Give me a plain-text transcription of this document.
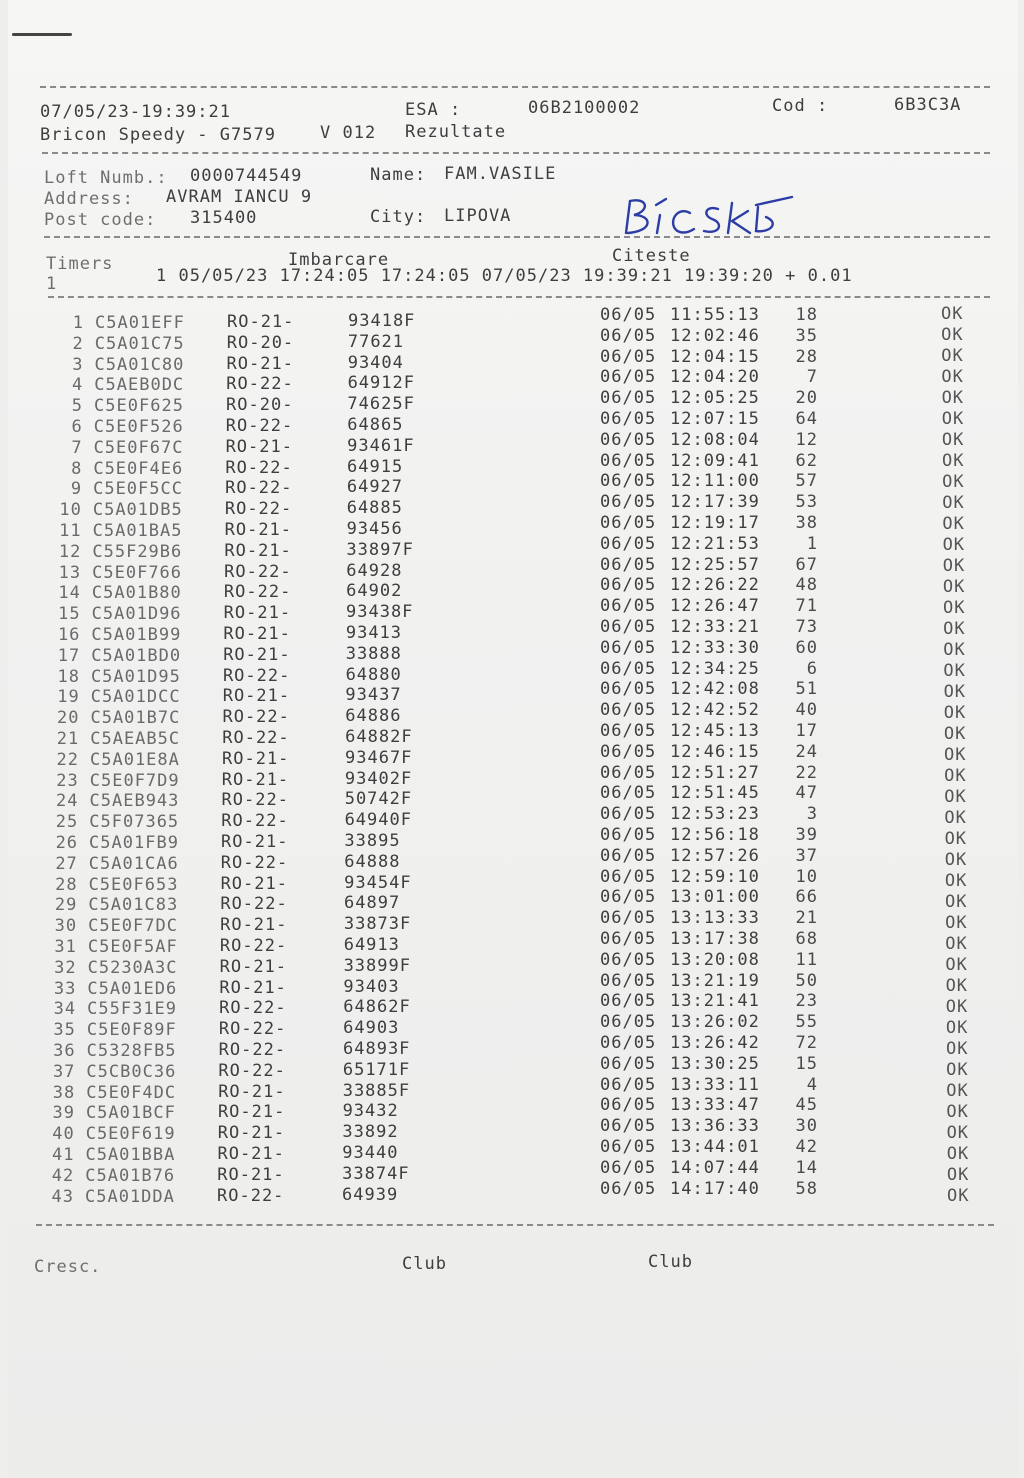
07/05/23-19:39:21	ESA :	06B2100002	Cod :	6B3C3A
Bricon Speedy - G7579	V 012 Rezultate
Loft Numb.: 0000744549	Name: FAM.VASILE
Address: AVRAM IANCU 9
Post code: 315400	City: LIPOVA
Timers	Imbarcare	Citeste
1	1 05/05/23 17:24:05 17:24:05 07/05/23 19:39:21 19:39:20 + 0.01
1 C5A01EFF RO-21-	93418F	06/05 11:55:13	18	OK
2 C5A01C75 RO-20-	77621	06/05 12:02:46	35	OK
3 C5A01C80 RO-21-	93404	06/05 12:04:15	28	OK
4 C5AEB0DC RO-22-	64912F	06/05 12:04:20	7	OK
5 C5E0F625 RO-20-	74625F	06/05 12:05:25	20	OK
6 C5E0F526 RO-22-	64865	06/05 12:07:15	64	OK
7 C5E0F67C RO-21-	93461F	06/05 12:08:04	12	OK
8 C5E0F4E6 RO-22-	64915	06/05 12:09:41	62	OK
9 C5E0F5CC RO-22-	64927	06/05 12:11:00	57	OK
10 C5A01DB5 RO-22-	64885	06/05 12:17:39	53	OK
11 C5A01BA5 RO-21-	93456	06/05 12:19:17	38	OK
12 C55F29B6 RO-21-	33897F	06/05 12:21:53	1	OK
13 C5E0F766 RO-22-	64928	06/05 12:25:57	67	OK
14 C5A01B80 RO-22-	64902	06/05 12:26:22	48	OK
15 C5A01D96 RO-21-	93438F	06/05 12:26:47	71	OK
16 C5A01B99 RO-21-	93413	06/05 12:33:21	73	OK
17 C5A01BD0 RO-21-	33888	06/05 12:33:30	60	OK
18 C5A01D95 RO-22-	64880	06/05 12:34:25	6	OK
19 C5A01DCC RO-21-	93437	06/05 12:42:08	51	OK
20 C5A01B7C RO-22-	64886	06/05 12:42:52	40	OK
21 C5AEAB5C RO-22-	64882F	06/05 12:45:13	17	OK
22 C5A01E8A RO-21-	93467F	06/05 12:46:15	24	OK
23 C5E0F7D9 RO-21-	93402F	06/05 12:51:27	22	OK
24 C5AEB943 RO-22-	50742F	06/05 12:51:45	47	OK
25 C5F07365 RO-22-	64940F	06/05 12:53:23	3	OK
26 C5A01FB9 RO-21-	33895	06/05 12:56:18	39	OK
27 C5A01CA6 RO-22-	64888	06/05 12:57:26	37	OK
28 C5E0F653 RO-21-	93454F	06/05 12:59:10	10	OK
29 C5A01C83 RO-22-	64897	06/05 13:01:00	66	OK
30 C5E0F7DC RO-21-	33873F	06/05 13:13:33	21	OK
31 C5E0F5AF RO-22-	64913	06/05 13:17:38	68	OK
32 C5230A3C RO-21-	33899F	06/05 13:20:08	11	OK
33 C5A01ED6 RO-21-	93403	06/05 13:21:19	50	OK
34 C55F31E9 RO-22-	64862F	06/05 13:21:41	23	OK
35 C5E0F89F RO-22-	64903	06/05 13:26:02	55	OK
36 C5328FB5 RO-22-	64893F	06/05 13:26:42	72	OK
37 C5CB0C36 RO-22-	65171F	06/05 13:30:25	15	OK
38 C5E0F4DC RO-21-	33885F	06/05 13:33:11	4	OK
39 C5A01BCF RO-21-	93432	06/05 13:33:47	45	OK
40 C5E0F619 RO-21-	33892	06/05 13:36:33	30	OK
41 C5A01BBA RO-21-	93440	06/05 13:44:01	42	OK
42 C5A01B76 RO-21-	33874F	06/05 14:07:44	14	OK
43 C5A01DDA RO-22-	64939	06/05 14:17:40	58	OK
Cresc.	Club	Club
